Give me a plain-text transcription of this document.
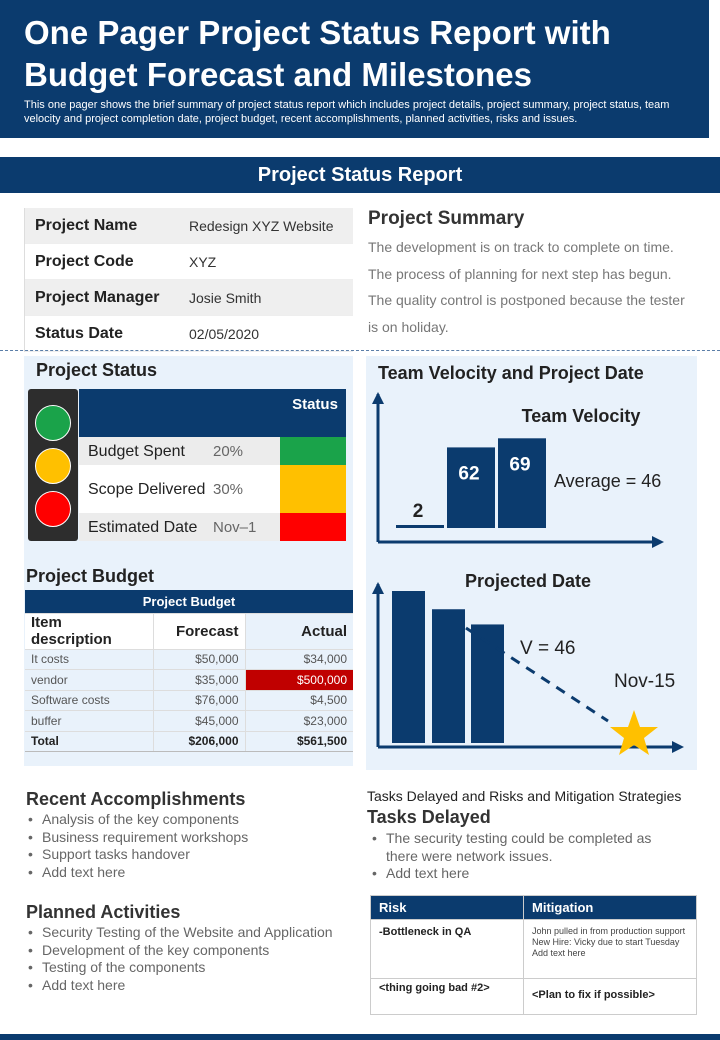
One Pager Project Status Report with Budget Forecast and Milestones
This one pager shows the brief summary of project status report which includes project details, project summary, project status, team velocity and project completion date, project budget, recent accomplishments, planned activities, risks and issues.
Project Status Report
Project Name	Redesign XYZ Website
Project Code	XYZ
Project Manager	Josie Smith
Status Date	02/05/2020
Project Summary

The development is on track to complete on time. The process of planning for next step has begun. The quality control is postponed because the tester is on holiday.

Project Status
Status
Budget Spent	20%
Scope Delivered 30%
Estimated Date	Nov–1
Project Budget
Project Budget		
Item description	Forecast	Actual
It costs	$50,000	$34,000
vendor	$35,000	$500,000
Software costs	$76,000	$4,500
buffer	$45,000	$23,000
Total	$206,000	$561,500
Team Velocity and Project Date
Team Velocity
Average = 46
2
62 69
Projected Date
V = 46
Nov-15
Recent Accomplishments
• Analysis of the key components
• Business requirement workshops
• Support tasks handover
• Add text here
Planned Activities
• Security Testing of the Website and Application
• Development of the key components
• Testing of the components
• Add text here
Tasks Delayed and Risks and Mitigation Strategies
Tasks Delayed
• The security testing could be completed as there were network issues.
• Add text here
Risk	Mitigation
-Bottleneck in QA	John pulled in from production support
New Hire: Vicky due to start Tuesday
Add text here

<thing going bad #2>	<Plan to fix if possible>
